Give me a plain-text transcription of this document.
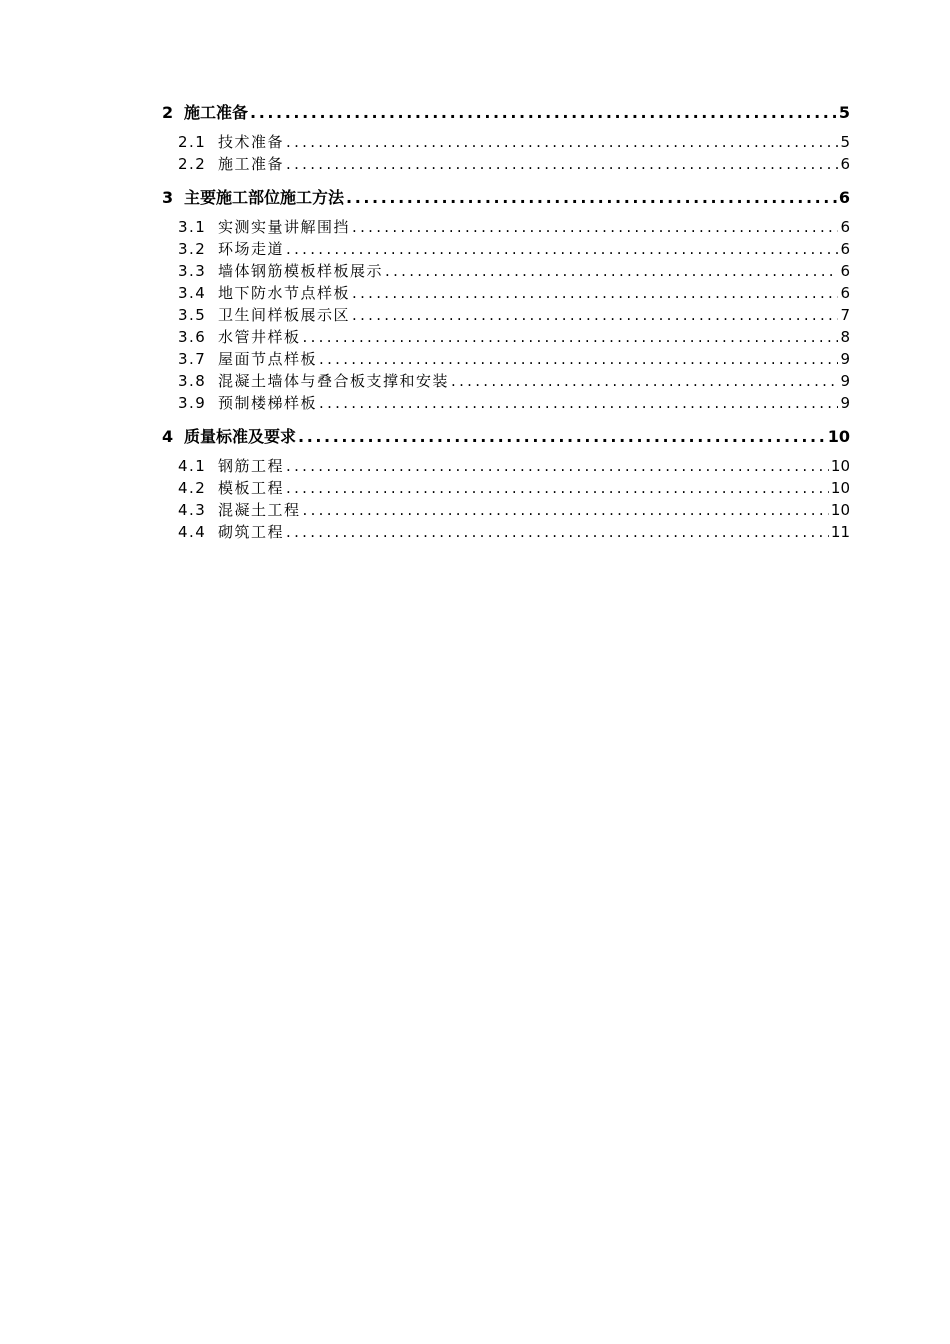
2 施工准备 .....	5
2.1 技术准备 .....	5
2.2 施工准备 .....	6
3 主要施工部位施工方法 .....	6
3.1 实测实量讲解围挡 .....	6
3.2 环场走道 .....	6
3.3 墙体钢筋模板样板展示 .....	6
3.4 地下防水节点样板 .....	6
3.5 卫生间样板展示区 .....	7
3.6 水管井样板 .....	8
3.7 屋面节点样板 .....	9
3.8 混凝土墙体与叠合板支撑和安装 .....	9
3.9 预制楼梯样板 .....	9
4 质量标准及要求 .....	10
4.1 钢筋工程 .....	10
4.2 模板工程 .....	10
4.3 混凝土工程 .....	10
4.4 砌筑工程 .....	11
